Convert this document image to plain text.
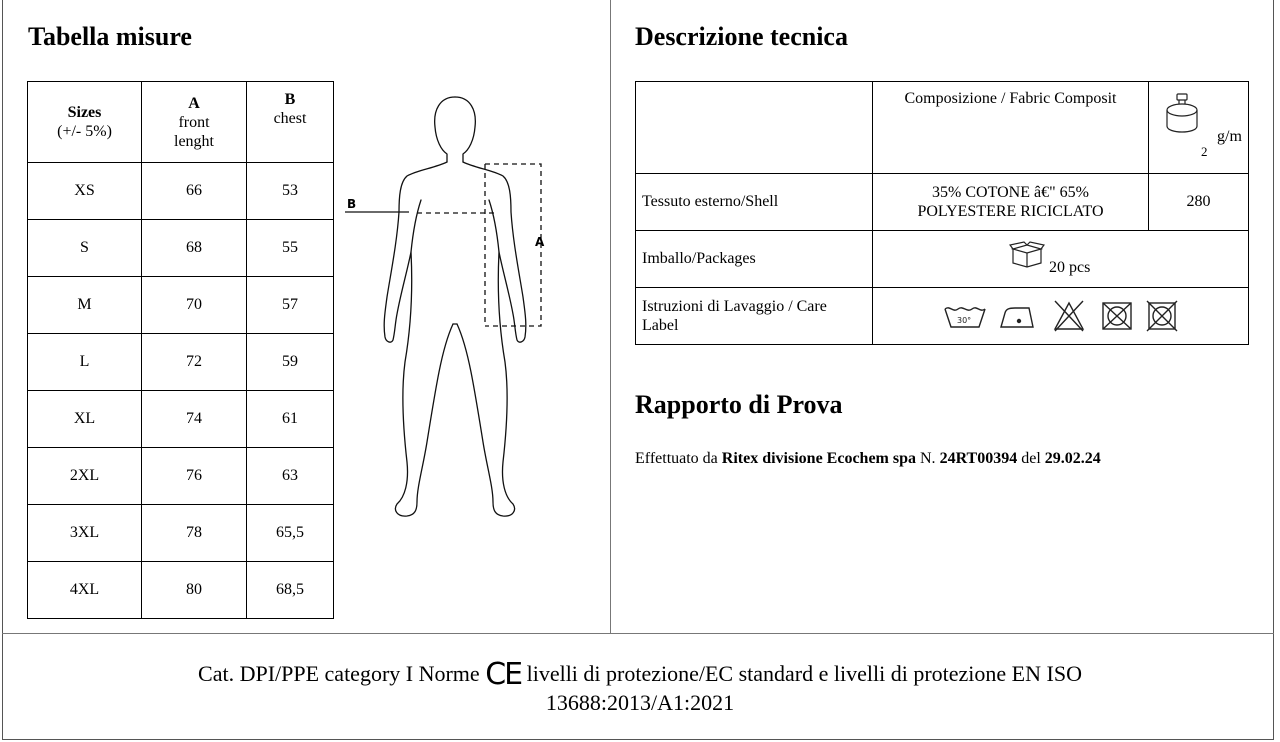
Tabella misure
Sizes
(+/- 5%)	A
front
lenght	B
chest
XS	66	53
S	68	55
M	70	57
L	72	59
XL	74	61
2XL	76	63
3XL	78	65,5
4XL	80	68,5
B
A
Descrizione tecnica
	Composizione / Fabric Composit	g/m
2

Tessuto esterno/Shell	35% COTONE â€" 65%
POLYESTERE RICICLATO	280
Imballo/Packages	20 pcs	

Istruzioni di Lavaggio / Care
Label	30°	
Rapporto di Prova
Effettuato da Ritex divisione Ecochem spa N. 24RT00394 del 29.02.24
Cat. DPI/PPE category I Norme CE livelli di protezione/EC standard e livelli di protezione EN ISO
13688:2013/A1:2021
